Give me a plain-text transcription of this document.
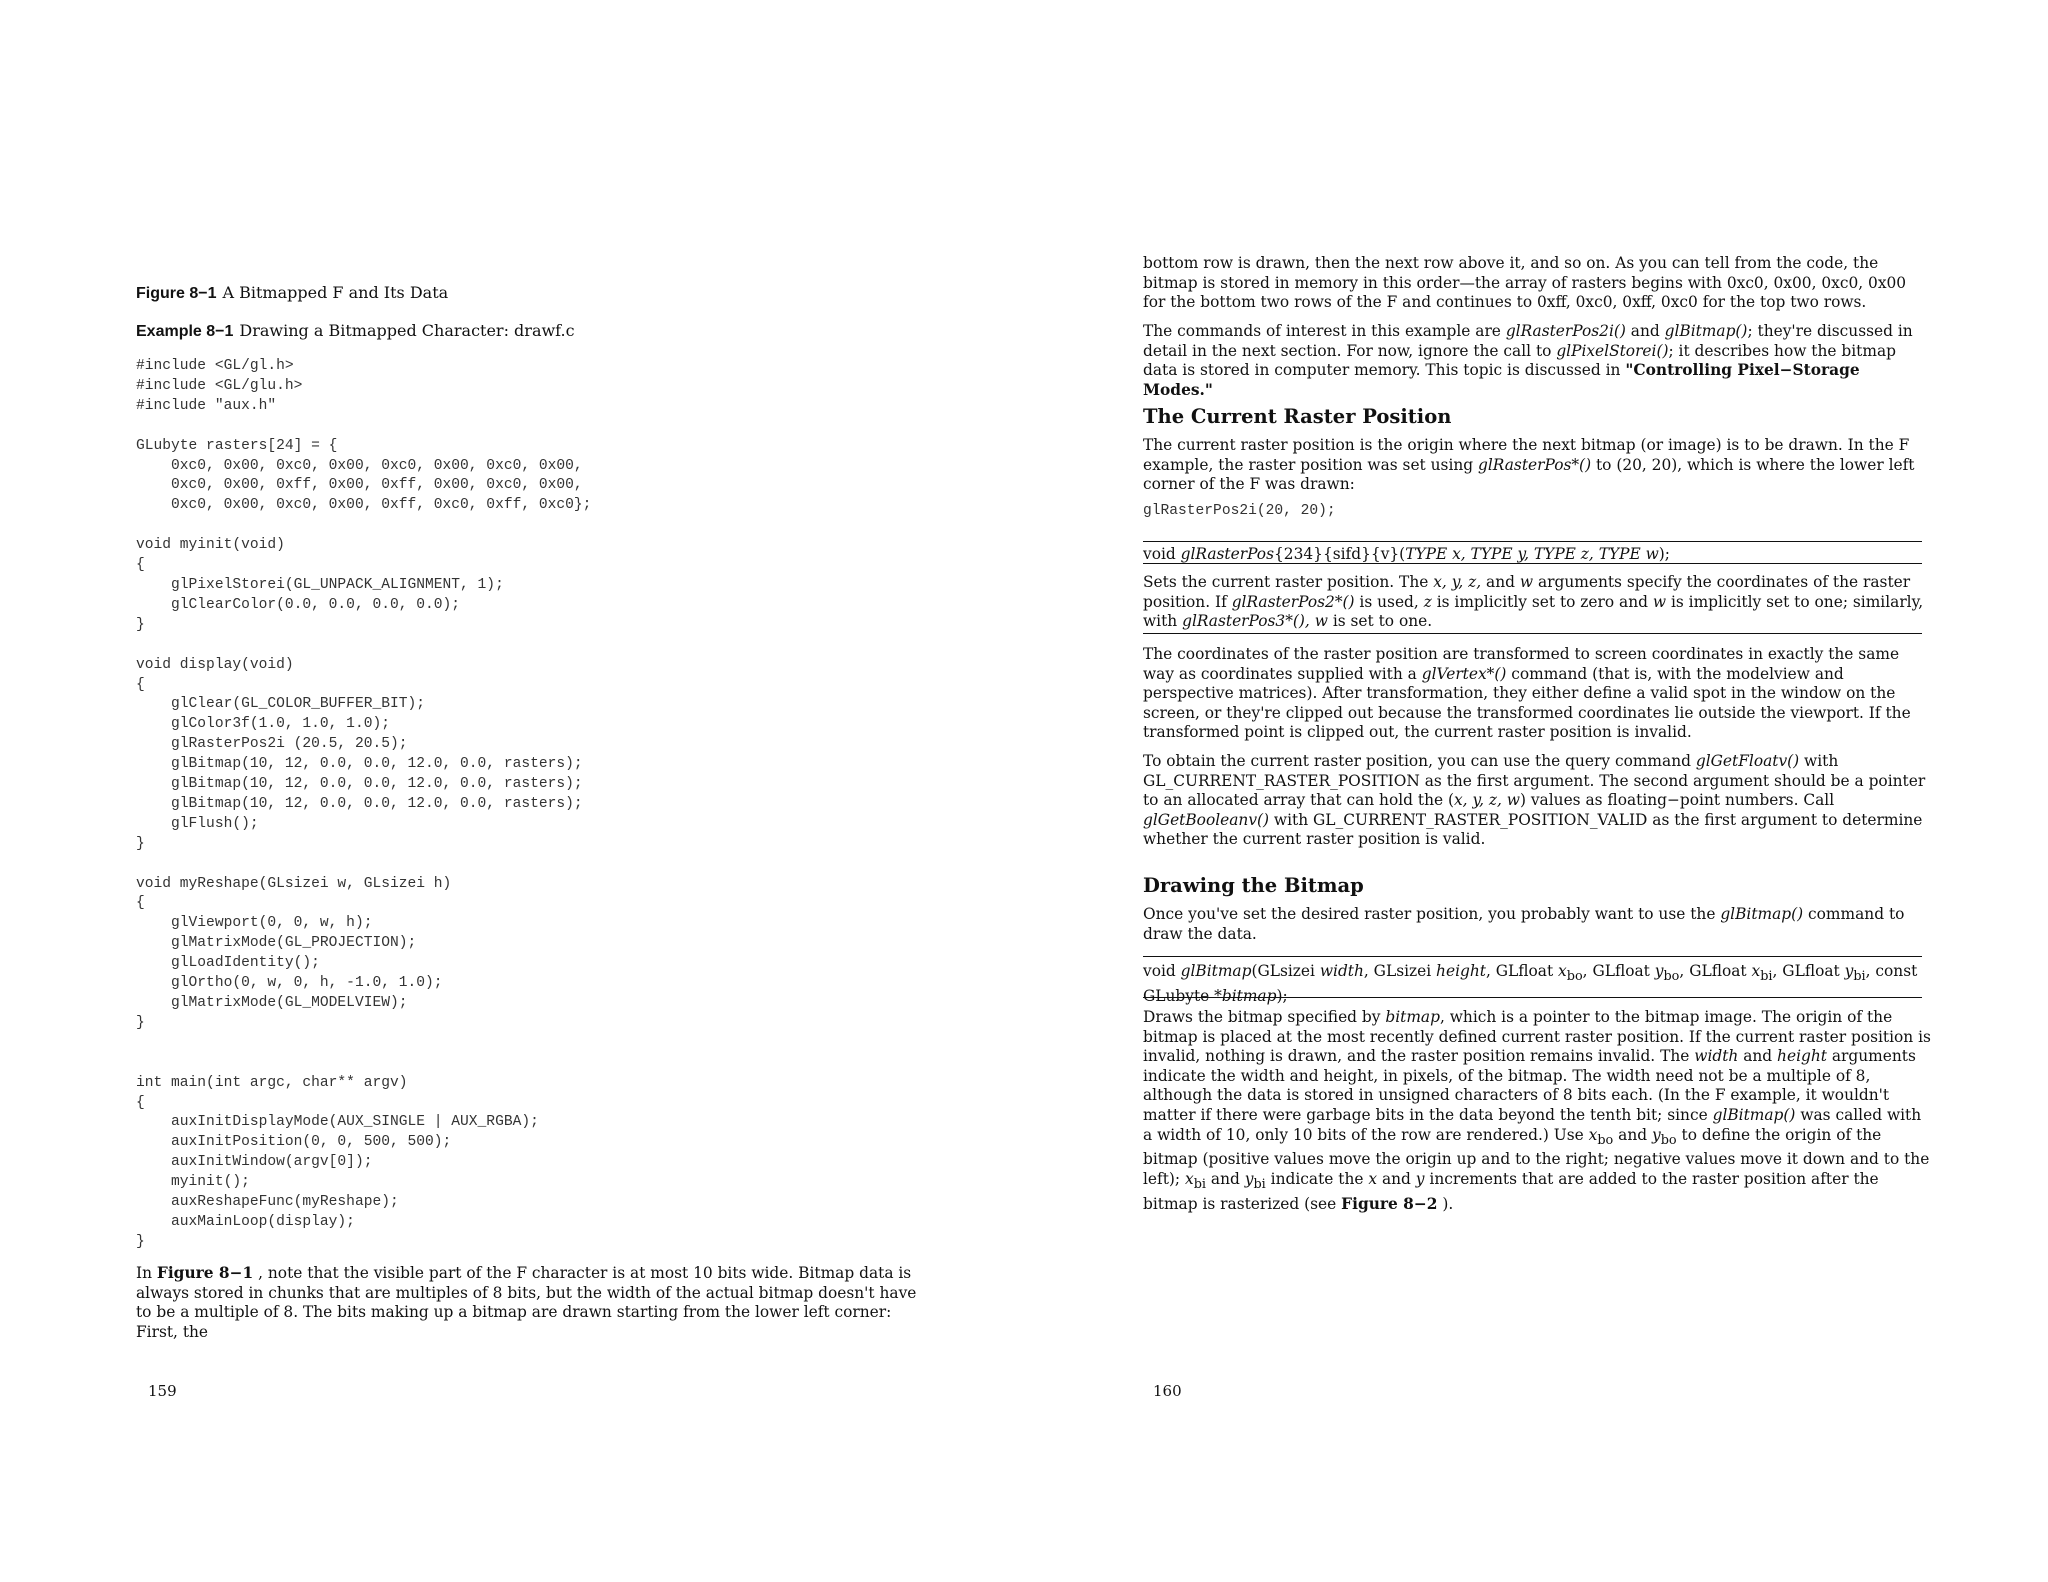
Figure 8−1 A Bitmapped F and Its Data
Example 8−1 Drawing a Bitmapped Character: drawf.c
#include <GL/gl.h>
#include <GL/glu.h>
#include "aux.h"

GLubyte rasters[24] = {
0xc0, 0x00, 0xc0, 0x00, 0xc0, 0x00, 0xc0, 0x00,
0xc0, 0x00, 0xff, 0x00, 0xff, 0x00, 0xc0, 0x00,
0xc0, 0x00, 0xc0, 0x00, 0xff, 0xc0, 0xff, 0xc0};

void myinit(void)
{
glPixelStorei(GL_UNPACK_ALIGNMENT, 1);
glClearColor(0.0, 0.0, 0.0, 0.0);
}

void display(void)
{
glClear(GL_COLOR_BUFFER_BIT);
glColor3f(1.0, 1.0, 1.0);
glRasterPos2i (20.5, 20.5);
glBitmap(10, 12, 0.0, 0.0, 12.0, 0.0, rasters);
glBitmap(10, 12, 0.0, 0.0, 12.0, 0.0, rasters);
glBitmap(10, 12, 0.0, 0.0, 12.0, 0.0, rasters);
glFlush();
}

void myReshape(GLsizei w, GLsizei h)
{
glViewport(0, 0, w, h);
glMatrixMode(GL_PROJECTION);
glLoadIdentity();
glOrtho(0, w, 0, h, -1.0, 1.0);
glMatrixMode(GL_MODELVIEW);
}

int main(int argc, char** argv)
{
auxInitDisplayMode(AUX_SINGLE | AUX_RGBA);
auxInitPosition(0, 0, 500, 500);
auxInitWindow(argv[0]);
myinit();
auxReshapeFunc(myReshape);
auxMainLoop(display);
}

In Figure 8−1 , note that the visible part of the F character is at most 10 bits wide. Bitmap data is always stored in chunks that are multiples of 8 bits, but the width of the actual bitmap doesn't have to be a multiple of 8. The bits making up a bitmap are drawn starting from the lower left corner: First, the

159

bottom row is drawn, then the next row above it, and so on. As you can tell from the code, the bitmap is stored in memory in this order—the array of rasters begins with 0xc0, 0x00, 0xc0, 0x00 for the bottom two rows of the F and continues to 0xff, 0xc0, 0xff, 0xc0 for the top two rows.

The commands of interest in this example are glRasterPos2i() and glBitmap(); they're discussed in detail in the next section. For now, ignore the call to glPixelStorei(); it describes how the bitmap data is stored in computer memory. This topic is discussed in "Controlling Pixel−Storage Modes."

The Current Raster Position

The current raster position is the origin where the next bitmap (or image) is to be drawn. In the F example, the raster position was set using glRasterPos*() to (20, 20), which is where the lower left corner of the F was drawn:

glRasterPos2i(20, 20);

void glRasterPos{234}{sifd}{v}(TYPE x, TYPE y, TYPE z, TYPE w);

Sets the current raster position. The x, y, z, and w arguments specify the coordinates of the raster position. If glRasterPos2*() is used, z is implicitly set to zero and w is implicitly set to one; similarly, with glRasterPos3*(), w is set to one.

The coordinates of the raster position are transformed to screen coordinates in exactly the same way as coordinates supplied with a glVertex*() command (that is, with the modelview and perspective matrices). After transformation, they either define a valid spot in the window on the screen, or they're clipped out because the transformed coordinates lie outside the viewport. If the transformed point is clipped out, the current raster position is invalid.

To obtain the current raster position, you can use the query command glGetFloatv() with GL_CURRENT_RASTER_POSITION as the first argument. The second argument should be a pointer to an allocated array that can hold the (x, y, z, w) values as floating−point numbers. Call glGetBooleanv() with GL_CURRENT_RASTER_POSITION_VALID as the first argument to determine whether the current raster position is valid.

Drawing the Bitmap

Once you've set the desired raster position, you probably want to use the glBitmap() command to draw the data.

void glBitmap(GLsizei width, GLsizei height, GLfloat $x_{bo}$, GLfloat $y_{bo}$, GLfloat $x_{bi}$, GLfloat $y_{bi}$, const GLubyte *bitmap);

Draws the bitmap specified by bitmap, which is a pointer to the bitmap image. The origin of the bitmap is placed at the most recently defined current raster position. If the current raster position is invalid, nothing is drawn, and the raster position remains invalid. The width and height arguments indicate the width and height, in pixels, of the bitmap. The width need not be a multiple of 8, although the data is stored in unsigned characters of 8 bits each. (In the F example, it wouldn't matter if there were garbage bits in the data beyond the tenth bit; since glBitmap() was called with a width of 10, only 10 bits of the row are rendered.) Use $x_{bo}$ and $y_{bo}$ to define the origin of the bitmap (positive values move the origin up and to the right; negative values move it down and to the left); $x_{bi}$ and $y_{bi}$ indicate the x and y increments that are added to the raster position after the bitmap is rasterized (see Figure 8−2 ).

160
